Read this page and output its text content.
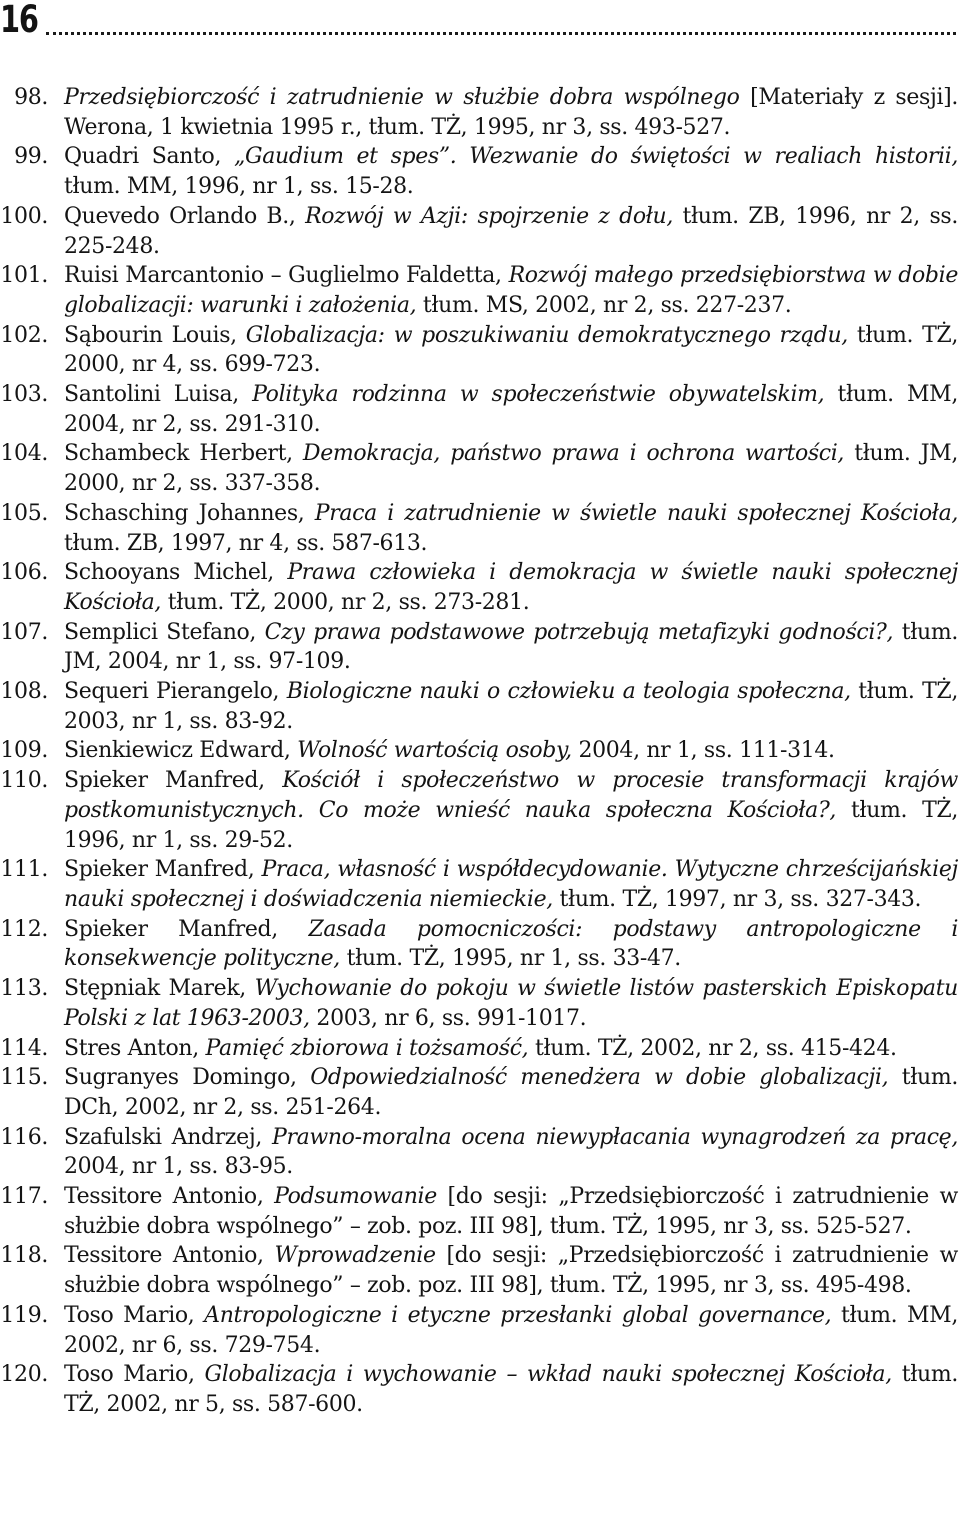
16
98. Przedsiębiorczość i zatrudnienie w służbie dobra wspólnego [Materiały z sesji]. Werona, 1 kwietnia 1995 r., tłum. TŻ, 1995, nr 3, ss. 493-527.
99. Quadri Santo, „Gaudium et spes”. Wezwanie do świętości w realiach historii, tłum. MM, 1996, nr 1, ss. 15-28.
100. Quevedo Orlando B., Rozwój w Azji: spojrzenie z dołu, tłum. ZB, 1996, nr 2, ss. 225-248.
101. Ruisi Marcantonio – Guglielmo Faldetta, Rozwój małego przedsiębiorstwa w dobie globalizacji: warunki i założenia, tłum. MS, 2002, nr 2, ss. 227-237.
102. Sąbourin Louis, Globalizacja: w poszukiwaniu demokratycznego rządu, tłum. TŻ, 2000, nr 4, ss. 699-723.
103. Santolini Luisa, Polityka rodzinna w społeczeństwie obywatelskim, tłum. MM, 2004, nr 2, ss. 291-310.
104. Schambeck Herbert, Demokracja, państwo prawa i ochrona wartości, tłum. JM, 2000, nr 2, ss. 337-358.
105. Schasching Johannes, Praca i zatrudnienie w świetle nauki społecznej Kościoła, tłum. ZB, 1997, nr 4, ss. 587-613.
106. Schooyans Michel, Prawa człowieka i demokracja w świetle nauki społecznej Kościoła, tłum. TŻ, 2000, nr 2, ss. 273-281.
107. Semplici Stefano, Czy prawa podstawowe potrzebują metafizyki godności?, tłum. JM, 2004, nr 1, ss. 97-109.
108. Sequeri Pierangelo, Biologiczne nauki o człowieku a teologia społeczna, tłum. TŻ, 2003, nr 1, ss. 83-92.
109. Sienkiewicz Edward, Wolność wartością osoby, 2004, nr 1, ss. 111-314.
110. Spieker Manfred, Kościół i społeczeństwo w procesie transformacji krajów postkomunistycznych. Co może wnieść nauka społeczna Kościoła?, tłum. TŻ, 1996, nr 1, ss. 29-52.
111. Spieker Manfred, Praca, własność i współdecydowanie. Wytyczne chrześcijańskiej nauki społecznej i doświadczenia niemieckie, tłum. TŻ, 1997, nr 3, ss. 327-343.
112. Spieker Manfred, Zasada pomocniczości: podstawy antropologiczne i konsekwencje polityczne, tłum. TŻ, 1995, nr 1, ss. 33-47.
113. Stępniak Marek, Wychowanie do pokoju w świetle listów pasterskich Episkopatu Polski z lat 1963-2003, 2003, nr 6, ss. 991-1017.
114. Stres Anton, Pamięć zbiorowa i tożsamość, tłum. TŻ, 2002, nr 2, ss. 415-424.
115. Sugranyes Domingo, Odpowiedzialność menedżera w dobie globalizacji, tłum. DCh, 2002, nr 2, ss. 251-264.
116. Szafulski Andrzej, Prawno-moralna ocena niewypłacania wynagrodzeń za pracę, 2004, nr 1, ss. 83-95.
117. Tessitore Antonio, Podsumowanie [do sesji: „Przedsiębiorczość i zatrudnienie w służbie dobra wspólnego” – zob. poz. III 98], tłum. TŻ, 1995, nr 3, ss. 525-527.
118. Tessitore Antonio, Wprowadzenie [do sesji: „Przedsiębiorczość i zatrudnienie w służbie dobra wspólnego” – zob. poz. III 98], tłum. TŻ, 1995, nr 3, ss. 495-498.
119. Toso Mario, Antropologiczne i etyczne przesłanki global governance, tłum. MM, 2002, nr 6, ss. 729-754.
120. Toso Mario, Globalizacja i wychowanie – wkład nauki społecznej Kościoła, tłum. TŻ, 2002, nr 5, ss. 587-600.
